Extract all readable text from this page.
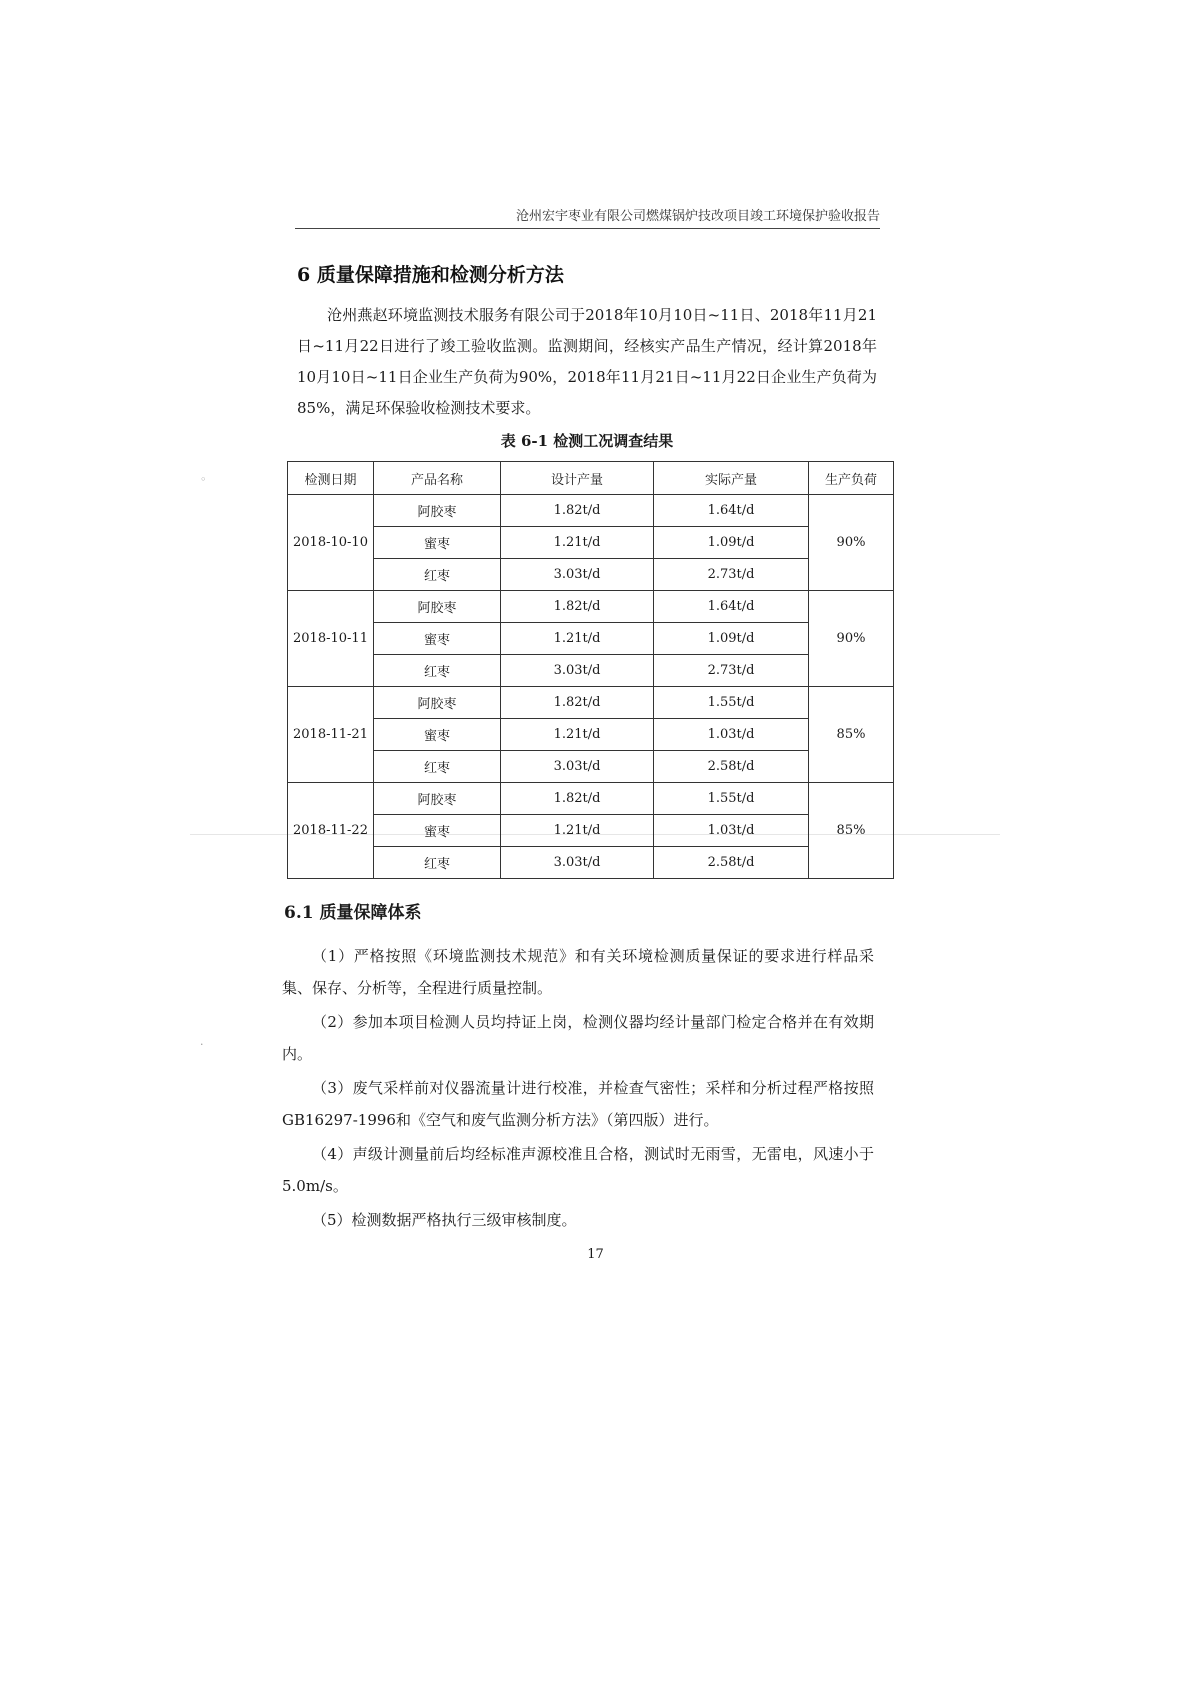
◦
·
沧州宏宇枣业有限公司燃煤锅炉技改项目竣工环境保护验收报告
6 质量保障措施和检测分析方法

沧州燕赵环境监测技术服务有限公司于2018年10月10日~11日、2018年11月21日~11月22日进行了竣工验收监测。监测期间，经核实产品生产情况，经计算2018年10月10日~11日企业生产负荷为90%，2018年11月21日~11月22日企业生产负荷为85%，满足环保验收检测技术要求。

表 6-1 检测工况调查结果
检测日期	产品名称	设计产量	实际产量	生产负荷
2018-10-10	阿胶枣	1.82t/d	1.64t/d	90%
	蜜枣	1.21t/d	1.09t/d	
	红枣	3.03t/d	2.73t/d	
2018-10-11	阿胶枣	1.82t/d	1.64t/d	90%
	蜜枣	1.21t/d	1.09t/d	
	红枣	3.03t/d	2.73t/d	
2018-11-21	阿胶枣	1.82t/d	1.55t/d	85%
	蜜枣	1.21t/d	1.03t/d	
	红枣	3.03t/d	2.58t/d	
2018-11-22	阿胶枣	1.82t/d	1.55t/d	85%
	蜜枣	1.21t/d	1.03t/d	
	红枣	3.03t/d	2.58t/d	
6.1 质量保障体系

（1）严格按照《环境监测技术规范》和有关环境检测质量保证的要求进行样品采集、保存、分析等，全程进行质量控制。

（2）参加本项目检测人员均持证上岗，检测仪器均经计量部门检定合格并在有效期内。

（3）废气采样前对仪器流量计进行校准，并检查气密性；采样和分析过程严格按照GB16297-1996和《空气和废气监测分析方法》（第四版）进行。

（4）声级计测量前后均经标准声源校准且合格，测试时无雨雪，无雷电，风速小于5.0m/s。

（5）检测数据严格执行三级审核制度。

17
